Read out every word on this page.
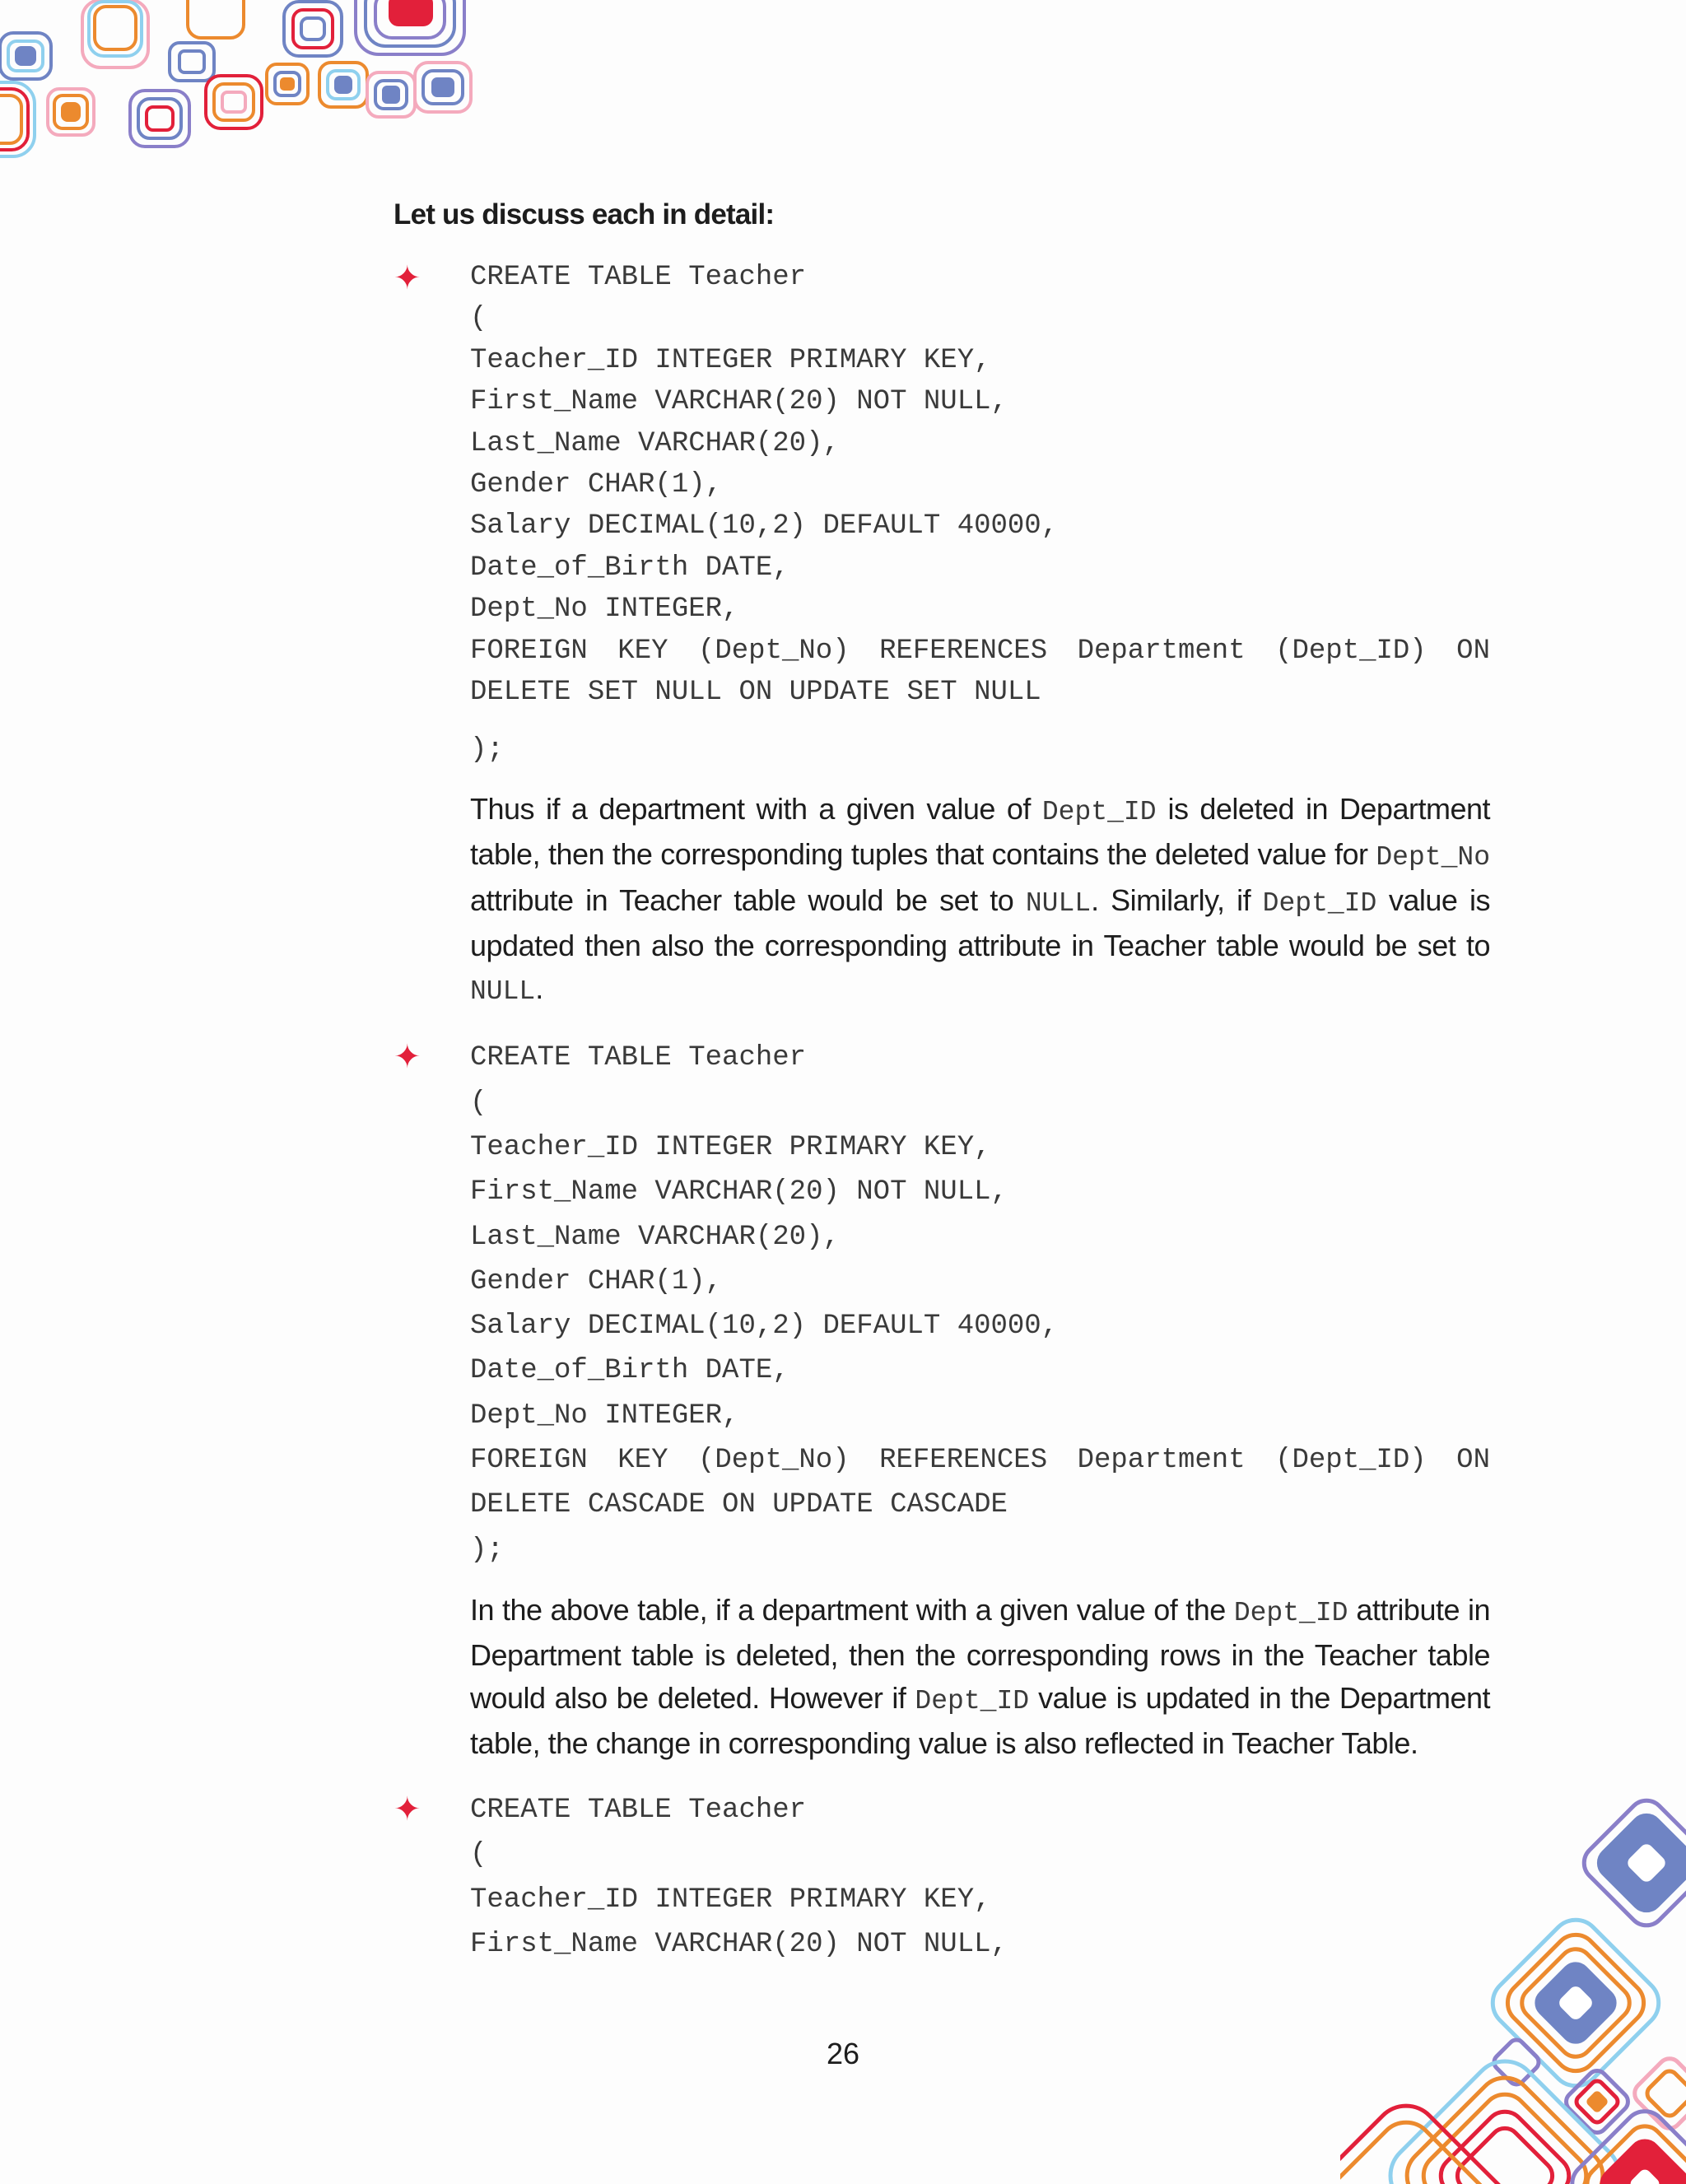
Let us discuss each in detail:
✦ CREATE TABLE Teacher
(
Teacher_ID INTEGER PRIMARY KEY,
First_Name VARCHAR(20) NOT NULL,
Last_Name VARCHAR(20),
Gender CHAR(1),
Salary DECIMAL(10,2) DEFAULT 40000,
Date_of_Birth DATE,
Dept_No INTEGER,
FOREIGN KEY (Dept_No) REFERENCES Department (Dept_ID) ON
DELETE SET NULL ON UPDATE SET NULL
);

Thus if a department with a given value of Dept_ID is deleted in Department table, then the corresponding tuples that contains the deleted value for Dept_No attribute in Teacher table would be set to NULL. Similarly, if Dept_ID value is updated then also the corresponding attribute in Teacher table would be set to NULL.

✦ CREATE TABLE Teacher
(
Teacher_ID INTEGER PRIMARY KEY,
First_Name VARCHAR(20) NOT NULL,
Last_Name VARCHAR(20),
Gender CHAR(1),
Salary DECIMAL(10,2) DEFAULT 40000,
Date_of_Birth DATE,
Dept_No INTEGER,
FOREIGN KEY (Dept_No) REFERENCES Department (Dept_ID) ON
DELETE CASCADE ON UPDATE CASCADE
);

In the above table, if a department with a given value of the Dept_ID attribute in Department table is deleted, then the corresponding rows in the Teacher table would also be deleted. However if Dept_ID value is updated in the Department table, the change in corresponding value is also reflected in Teacher Table.

✦ CREATE TABLE Teacher
(
Teacher_ID INTEGER PRIMARY KEY,
First_Name VARCHAR(20) NOT NULL,
26
